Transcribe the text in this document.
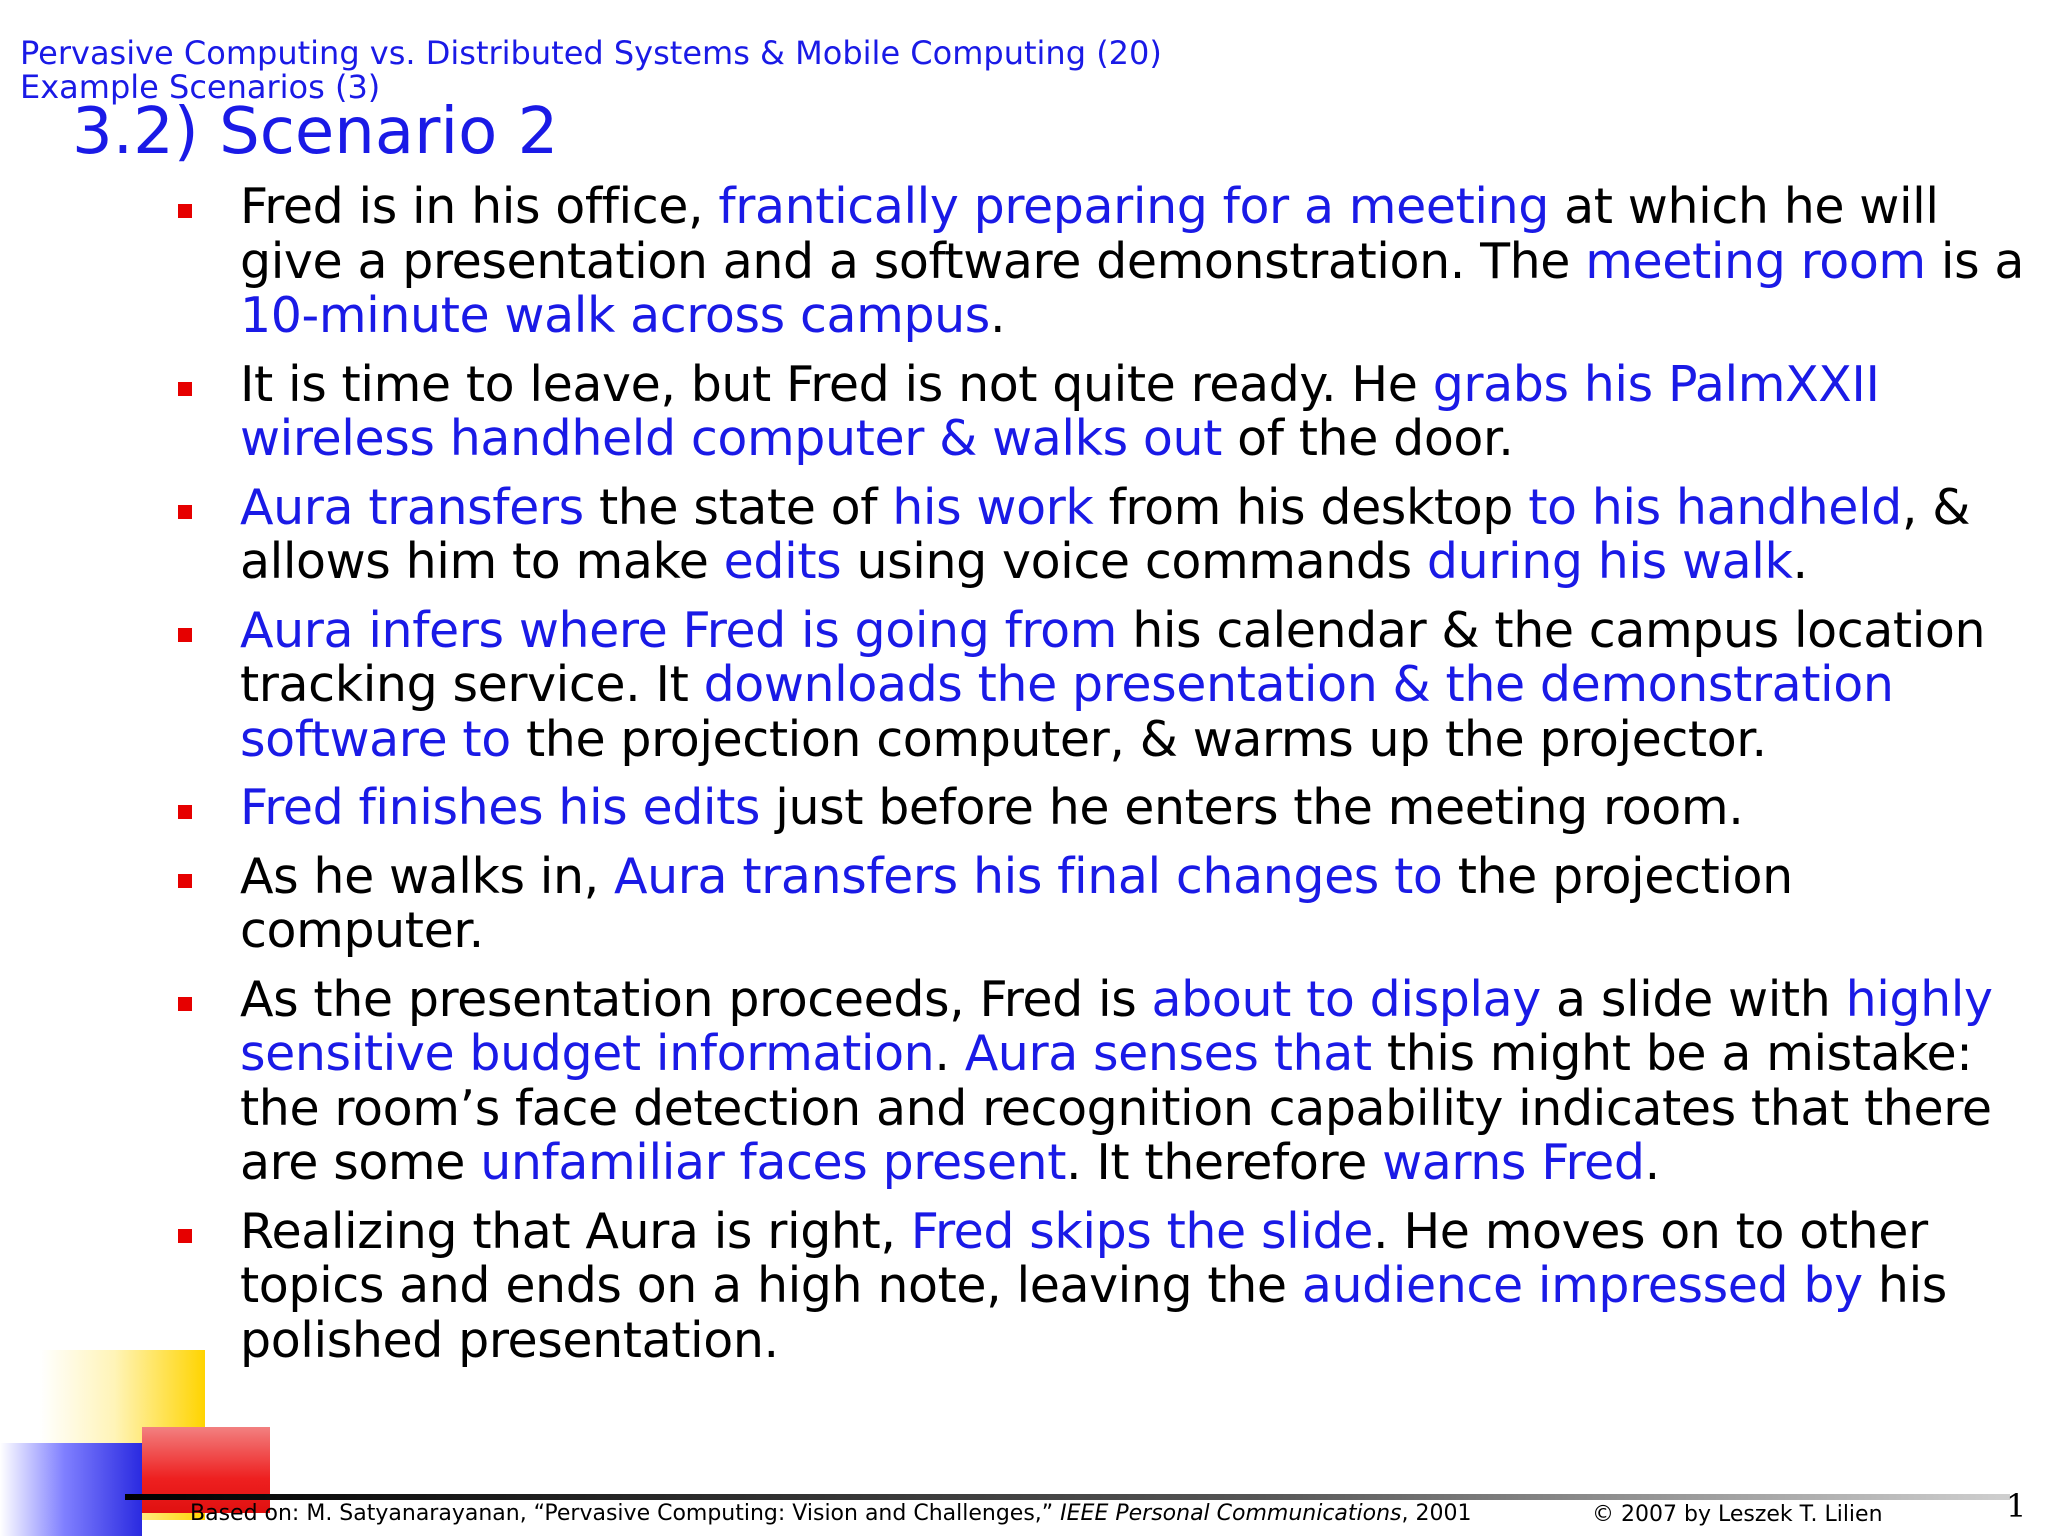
Pervasive Computing vs. Distributed Systems & Mobile Computing (20)
Example Scenarios (3)
3.2) Scenario 2
Fred is in his office, frantically preparing for a meeting at which he will give a presentation and a software demonstration. The meeting room is a 10-minute walk across campus.
It is time to leave, but Fred is not quite ready. He grabs his PalmXXII wireless handheld computer & walks out of the door.
Aura transfers the state of his work from his desktop to his handheld, & allows him to make edits using voice commands during his walk.
Aura infers where Fred is going from his calendar & the campus location tracking service. It downloads the presentation & the demonstration software to the projection computer, & warms up the projector.
Fred finishes his edits just before he enters the meeting room.
As he walks in, Aura transfers his final changes to the projection computer.
As the presentation proceeds, Fred is about to display a slide with highly sensitive budget information. Aura senses that this might be a mistake: the room’s face detection and recognition capability indicates that there are some unfamiliar faces present. It therefore warns Fred.
Realizing that Aura is right, Fred skips the slide. He moves on to other topics and ends on a high note, leaving the audience impressed by his polished presentation.
Based on: M. Satyanarayanan, “Pervasive Computing: Vision and Challenges,” IEEE Personal Communications, 2001	© 2007 by Leszek T. Lilien	1
